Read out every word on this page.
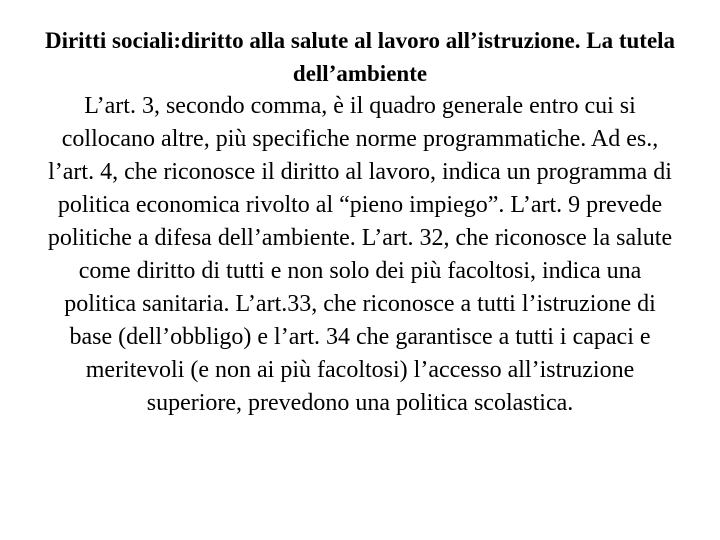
Diritti sociali:diritto alla salute al lavoro all’istruzione. La tutela dell’ambiente

L’art. 3, secondo comma, è il quadro generale entro cui si collocano altre, più specifiche norme programmatiche. Ad es., l’art. 4, che riconosce il diritto al lavoro, indica un programma di politica economica rivolto al “pieno impiego”. L’art. 9 prevede politiche a difesa dell’ambiente. L’art. 32, che riconosce la salute come diritto di tutti e non solo dei più facoltosi, indica una politica sanitaria. L’art.33, che riconosce a tutti l’istruzione di base (dell’obbligo) e l’art. 34 che garantisce a tutti i capaci e meritevoli (e non ai più facoltosi) l’accesso all’istruzione superiore, prevedono una politica scolastica.
